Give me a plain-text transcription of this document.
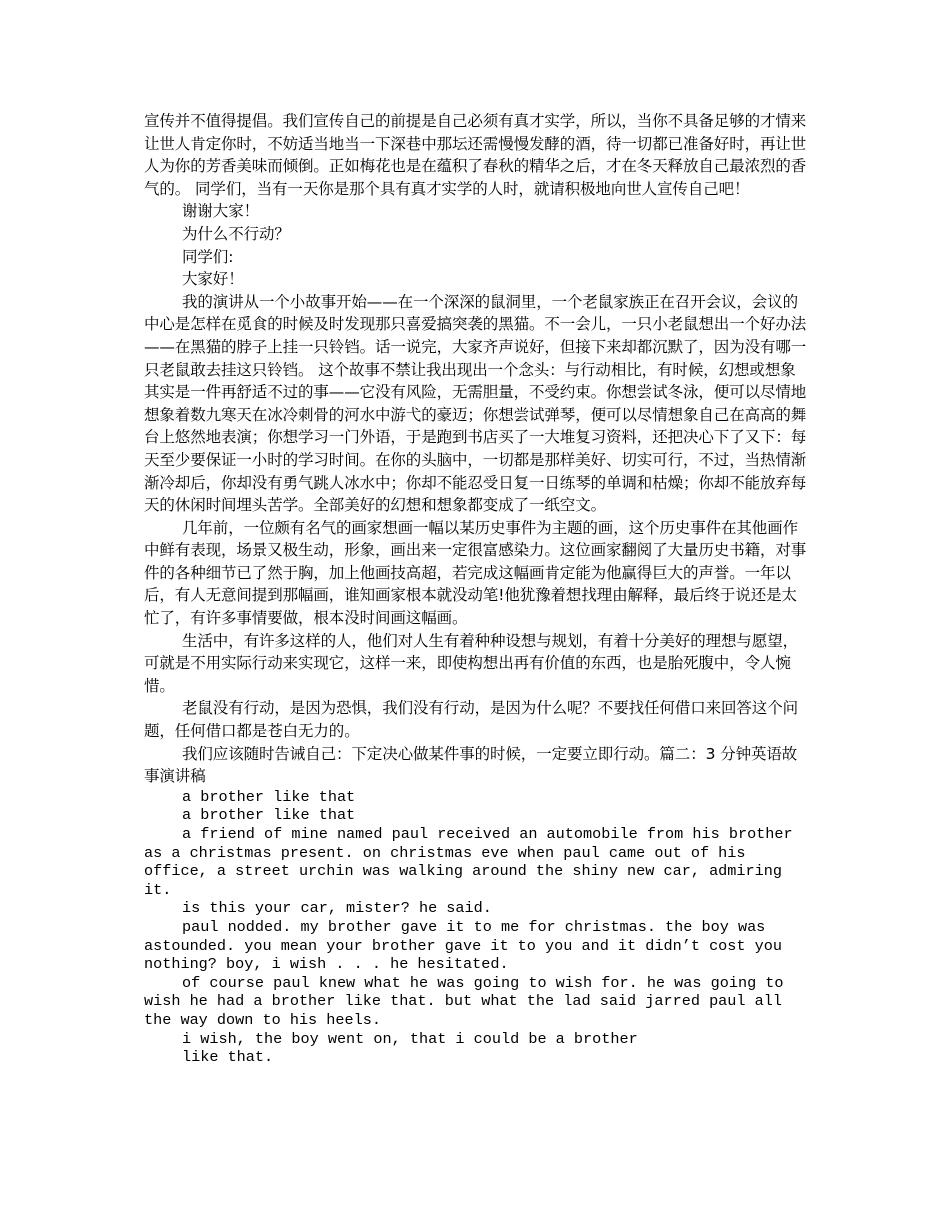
宣传并不值得提倡。我们宣传自己的前提是自己必须有真才实学，所以，当你不具备足够的才情来让世人肯定你时，不妨适当地当一下深巷中那坛还需慢慢发酵的酒，待一切都已准备好时，再让世人为你的芳香美味而倾倒。正如梅花也是在蕴积了春秋的精华之后，才在冬天释放自己最浓烈的香气的。 同学们，当有一天你是那个具有真才实学的人时，就请积极地向世人宣传自己吧！

谢谢大家！

为什么不行动？

同学们:

大家好！

我的演讲从一个小故事开始——在一个深深的鼠洞里，一个老鼠家族正在召开会议，会议的中心是怎样在觅食的时候及时发现那只喜爱搞突袭的黑猫。不一会儿，一只小老鼠想出一个好办法——在黑猫的脖子上挂一只铃铛。话一说完，大家齐声说好，但接下来却都沉默了，因为没有哪一只老鼠敢去挂这只铃铛。 这个故事不禁让我出现出一个念头：与行动相比，有时候，幻想或想象其实是一件再舒适不过的事——它没有风险，无需胆量，不受约束。你想尝试冬泳，便可以尽情地想象着数九寒天在冰冷刺骨的河水中游弋的豪迈；你想尝试弹琴，便可以尽情想象自己在高高的舞台上悠然地表演；你想学习一门外语，于是跑到书店买了一大堆复习资料，还把决心下了又下：每天至少要保证一小时的学习时间。在你的头脑中，一切都是那样美好、切实可行，不过，当热情渐渐冷却后，你却没有勇气跳人冰水中；你却不能忍受日复一日练琴的单调和枯燥；你却不能放弃每天的休闲时间埋头苦学。全部美好的幻想和想象都变成了一纸空文。

几年前，一位颇有名气的画家想画一幅以某历史事件为主题的画，这个历史事件在其他画作中鲜有表现，场景又极生动，形象，画出来一定很富感染力。这位画家翻阅了大量历史书籍，对事件的各种细节已了然于胸，加上他画技高超，若完成这幅画肯定能为他赢得巨大的声誉。一年以后，有人无意间提到那幅画，谁知画家根本就没动笔!他犹豫着想找理由解释，最后终于说还是太忙了，有许多事情要做，根本没时间画这幅画。

生活中，有许多这样的人，他们对人生有着种种设想与规划，有着十分美好的理想与愿望，可就是不用实际行动来实现它，这样一来，即使构想出再有价值的东西，也是胎死腹中，令人惋惜。

老鼠没有行动，是因为恐惧，我们没有行动，是因为什么呢？不要找任何借口来回答这个问题，任何借口都是苍白无力的。

我们应该随时告诫自己：下定决心做某件事的时候，一定要立即行动。篇二：3 分钟英语故事演讲稿

a brother like that

a brother like that

a friend of mine named paul received an automobile from his brother as a christmas present. on christmas eve when paul came out of his office, a street urchin was walking around the shiny new car, admiring it.

is this your car, mister? he said.

paul nodded. my brother gave it to me for christmas. the boy was astounded. you mean your brother gave it to you and it didn’t cost you nothing? boy, i wish . . . he hesitated.

of course paul knew what he was going to wish for. he was going to wish he had a brother like that. but what the lad said jarred paul all the way down to his heels.

i wish, the boy went on, that i could be a brother

like that.
